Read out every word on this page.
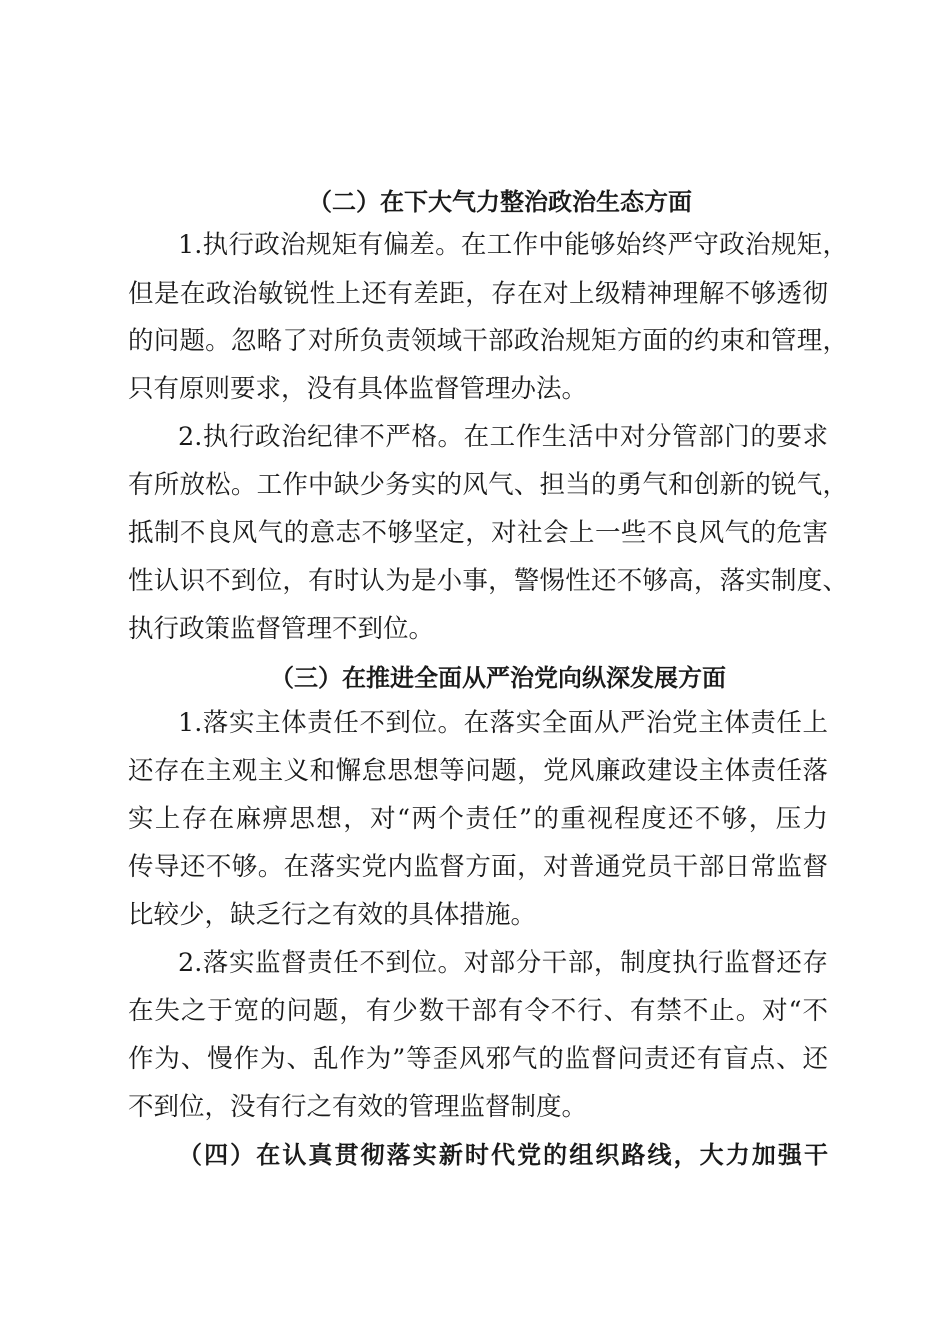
（二）在下大气力整治政治生态方面
1.执行政治规矩有偏差。在工作中能够始终严守政治规矩，
但是在政治敏锐性上还有差距，存在对上级精神理解不够透彻
的问题。忽略了对所负责领域干部政治规矩方面的约束和管理，
只有原则要求，没有具体监督管理办法。
2.执行政治纪律不严格。在工作生活中对分管部门的要求
有所放松。工作中缺少务实的风气、担当的勇气和创新的锐气，
抵制不良风气的意志不够坚定，对社会上一些不良风气的危害
性认识不到位，有时认为是小事，警惕性还不够高，落实制度、
执行政策监督管理不到位。
（三）在推进全面从严治党向纵深发展方面
1.落实主体责任不到位。在落实全面从严治党主体责任上
还存在主观主义和懈怠思想等问题，党风廉政建设主体责任落
实上存在麻痹思想，对“两个责任”的重视程度还不够，压力
传导还不够。在落实党内监督方面，对普通党员干部日常监督
比较少，缺乏行之有效的具体措施。
2.落实监督责任不到位。对部分干部，制度执行监督还存
在失之于宽的问题，有少数干部有令不行、有禁不止。对“不
作为、慢作为、乱作为”等歪风邪气的监督问责还有盲点、还
不到位，没有行之有效的管理监督制度。
（四）在认真贯彻落实新时代党的组织路线，大力加强干
